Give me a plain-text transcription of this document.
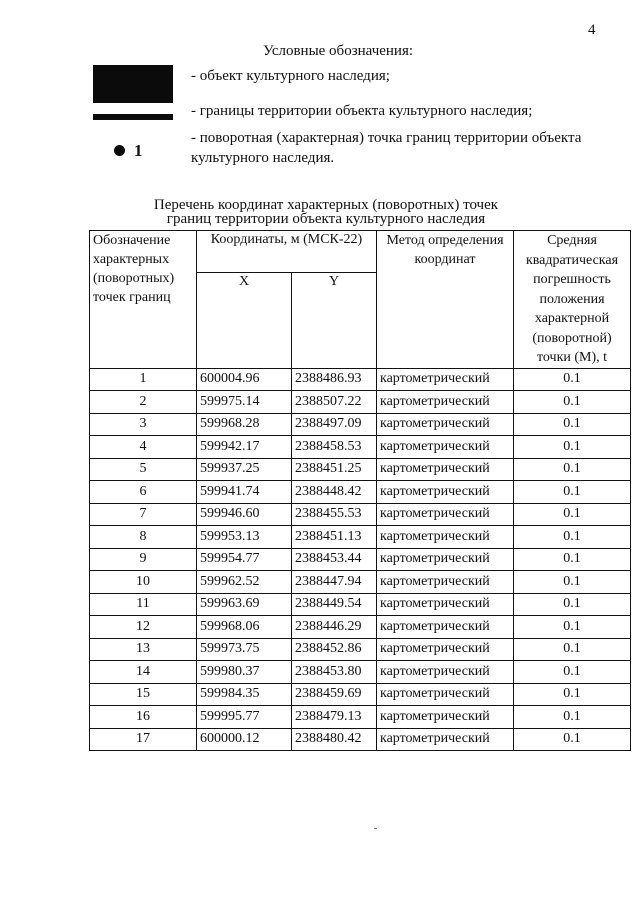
4
Условные обозначения:
- объект культурного наследия;
- границы территории объекта культурного наследия;
1
- поворотная (характерная) точка границ территории объекта культурного наследия.
Перечень координат характерных (поворотных) точек
границ территории объекта культурного наследия
Обозначение характерных (поворотных) точек границ	Координаты, м (МСК-22)		Метод определения координат	Средняя квадратическая погрешность положения характерной (поворотной) точки (М), t
	X	Y		
1	600004.96	2388486.93	картометрический	0.1
2	599975.14	2388507.22	картометрический	0.1
3	599968.28	2388497.09	картометрический	0.1
4	599942.17	2388458.53	картометрический	0.1
5	599937.25	2388451.25	картометрический	0.1
6	599941.74	2388448.42	картометрический	0.1
7	599946.60	2388455.53	картометрический	0.1
8	599953.13	2388451.13	картометрический	0.1
9	599954.77	2388453.44	картометрический	0.1
10	599962.52	2388447.94	картометрический	0.1
11	599963.69	2388449.54	картометрический	0.1
12	599968.06	2388446.29	картометрический	0.1
13	599973.75	2388452.86	картометрический	0.1
14	599980.37	2388453.80	картометрический	0.1
15	599984.35	2388459.69	картометрический	0.1
16	599995.77	2388479.13	картометрический	0.1
17	600000.12	2388480.42	картометрический	0.1
